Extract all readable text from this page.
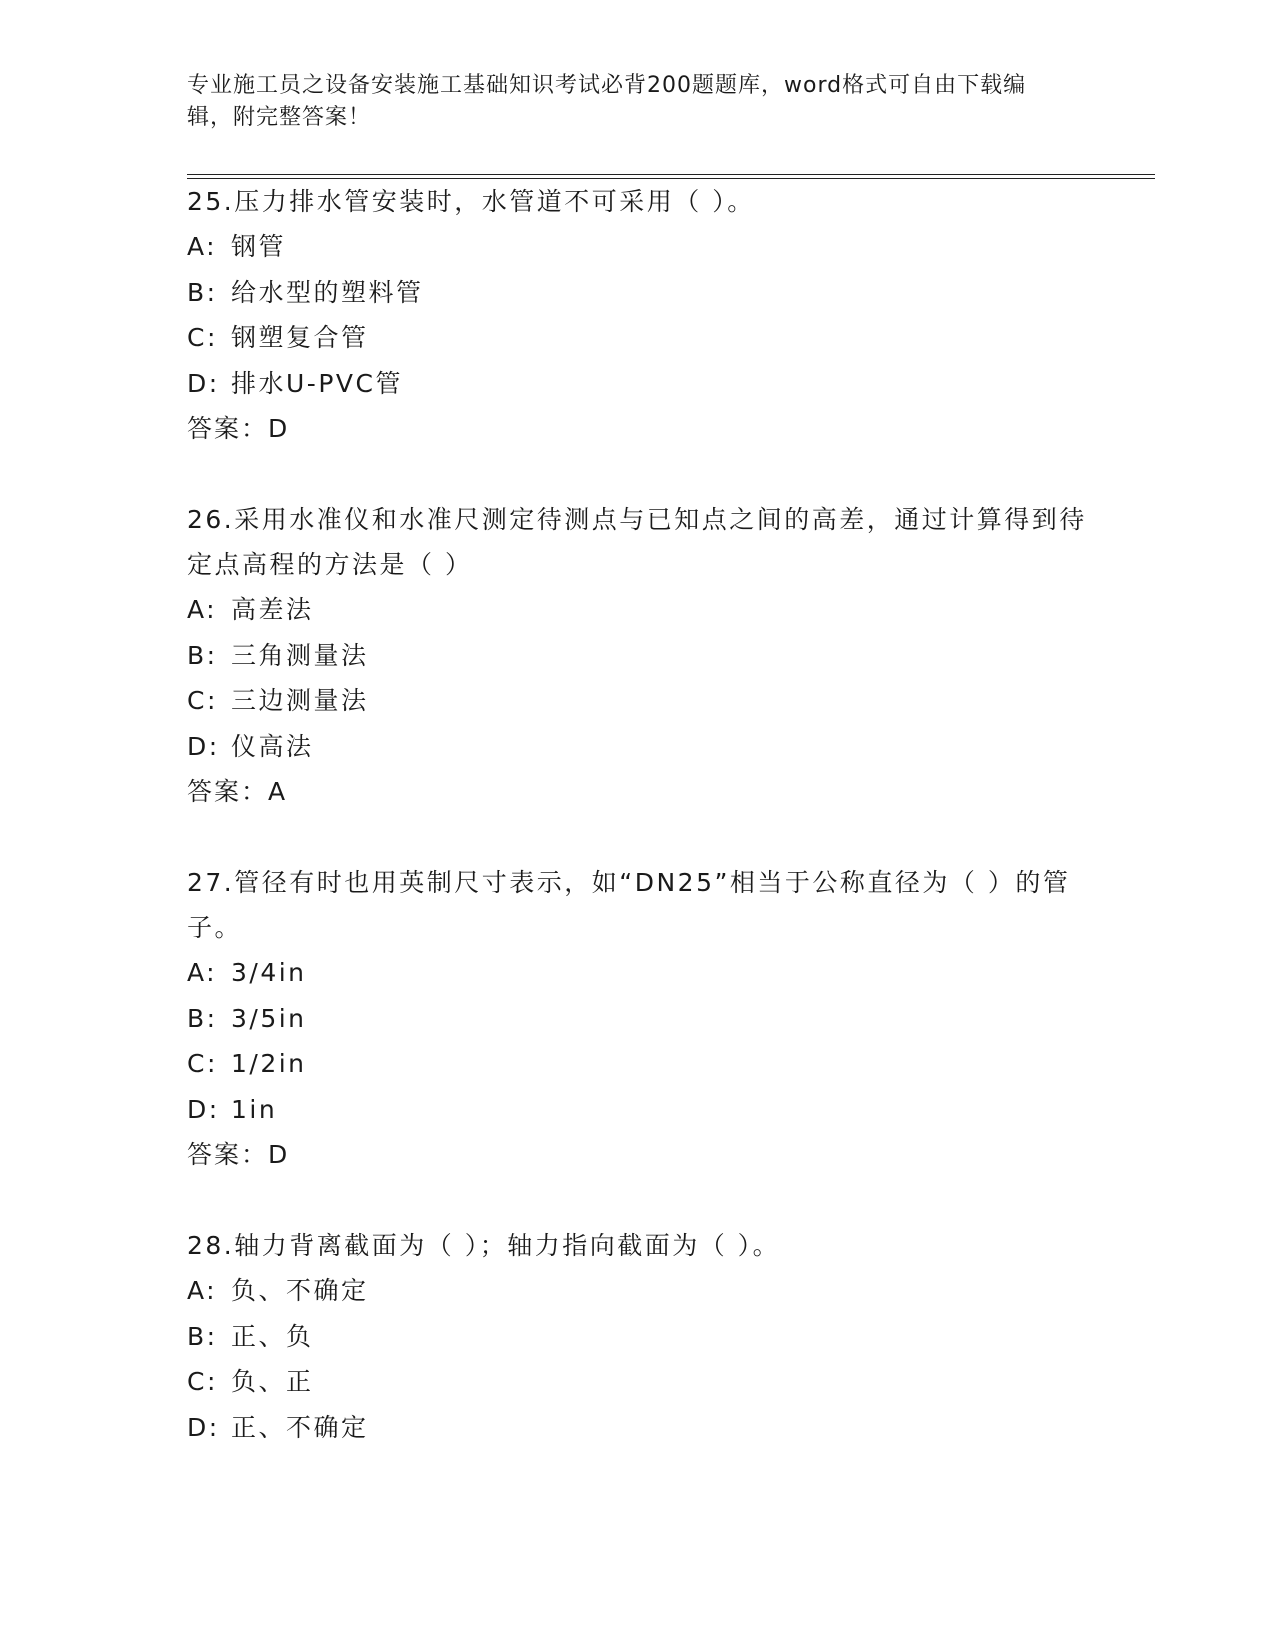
专业施工员之设备安装施工基础知识考试必背200题题库，word格式可自由下载编辑，附完整答案！

25.压力排水管安装时，水管道不可采用（ ）。

A: 钢管

B: 给水型的塑料管

C: 钢塑复合管

D: 排水U-PVC管

答案：D

26.采用水准仪和水准尺测定待测点与已知点之间的高差，通过计算得到待定点高程的方法是（ ）

A: 高差法

B: 三角测量法

C: 三边测量法

D: 仪高法

答案：A

27.管径有时也用英制尺寸表示，如“DN25”相当于公称直径为（ ）的管子。

A: 3/4in

B: 3/5in

C: 1/2in

D: 1in

答案：D

28.轴力背离截面为（ ）；轴力指向截面为（ ）。

A: 负、不确定

B: 正、负

C: 负、正

D: 正、不确定
